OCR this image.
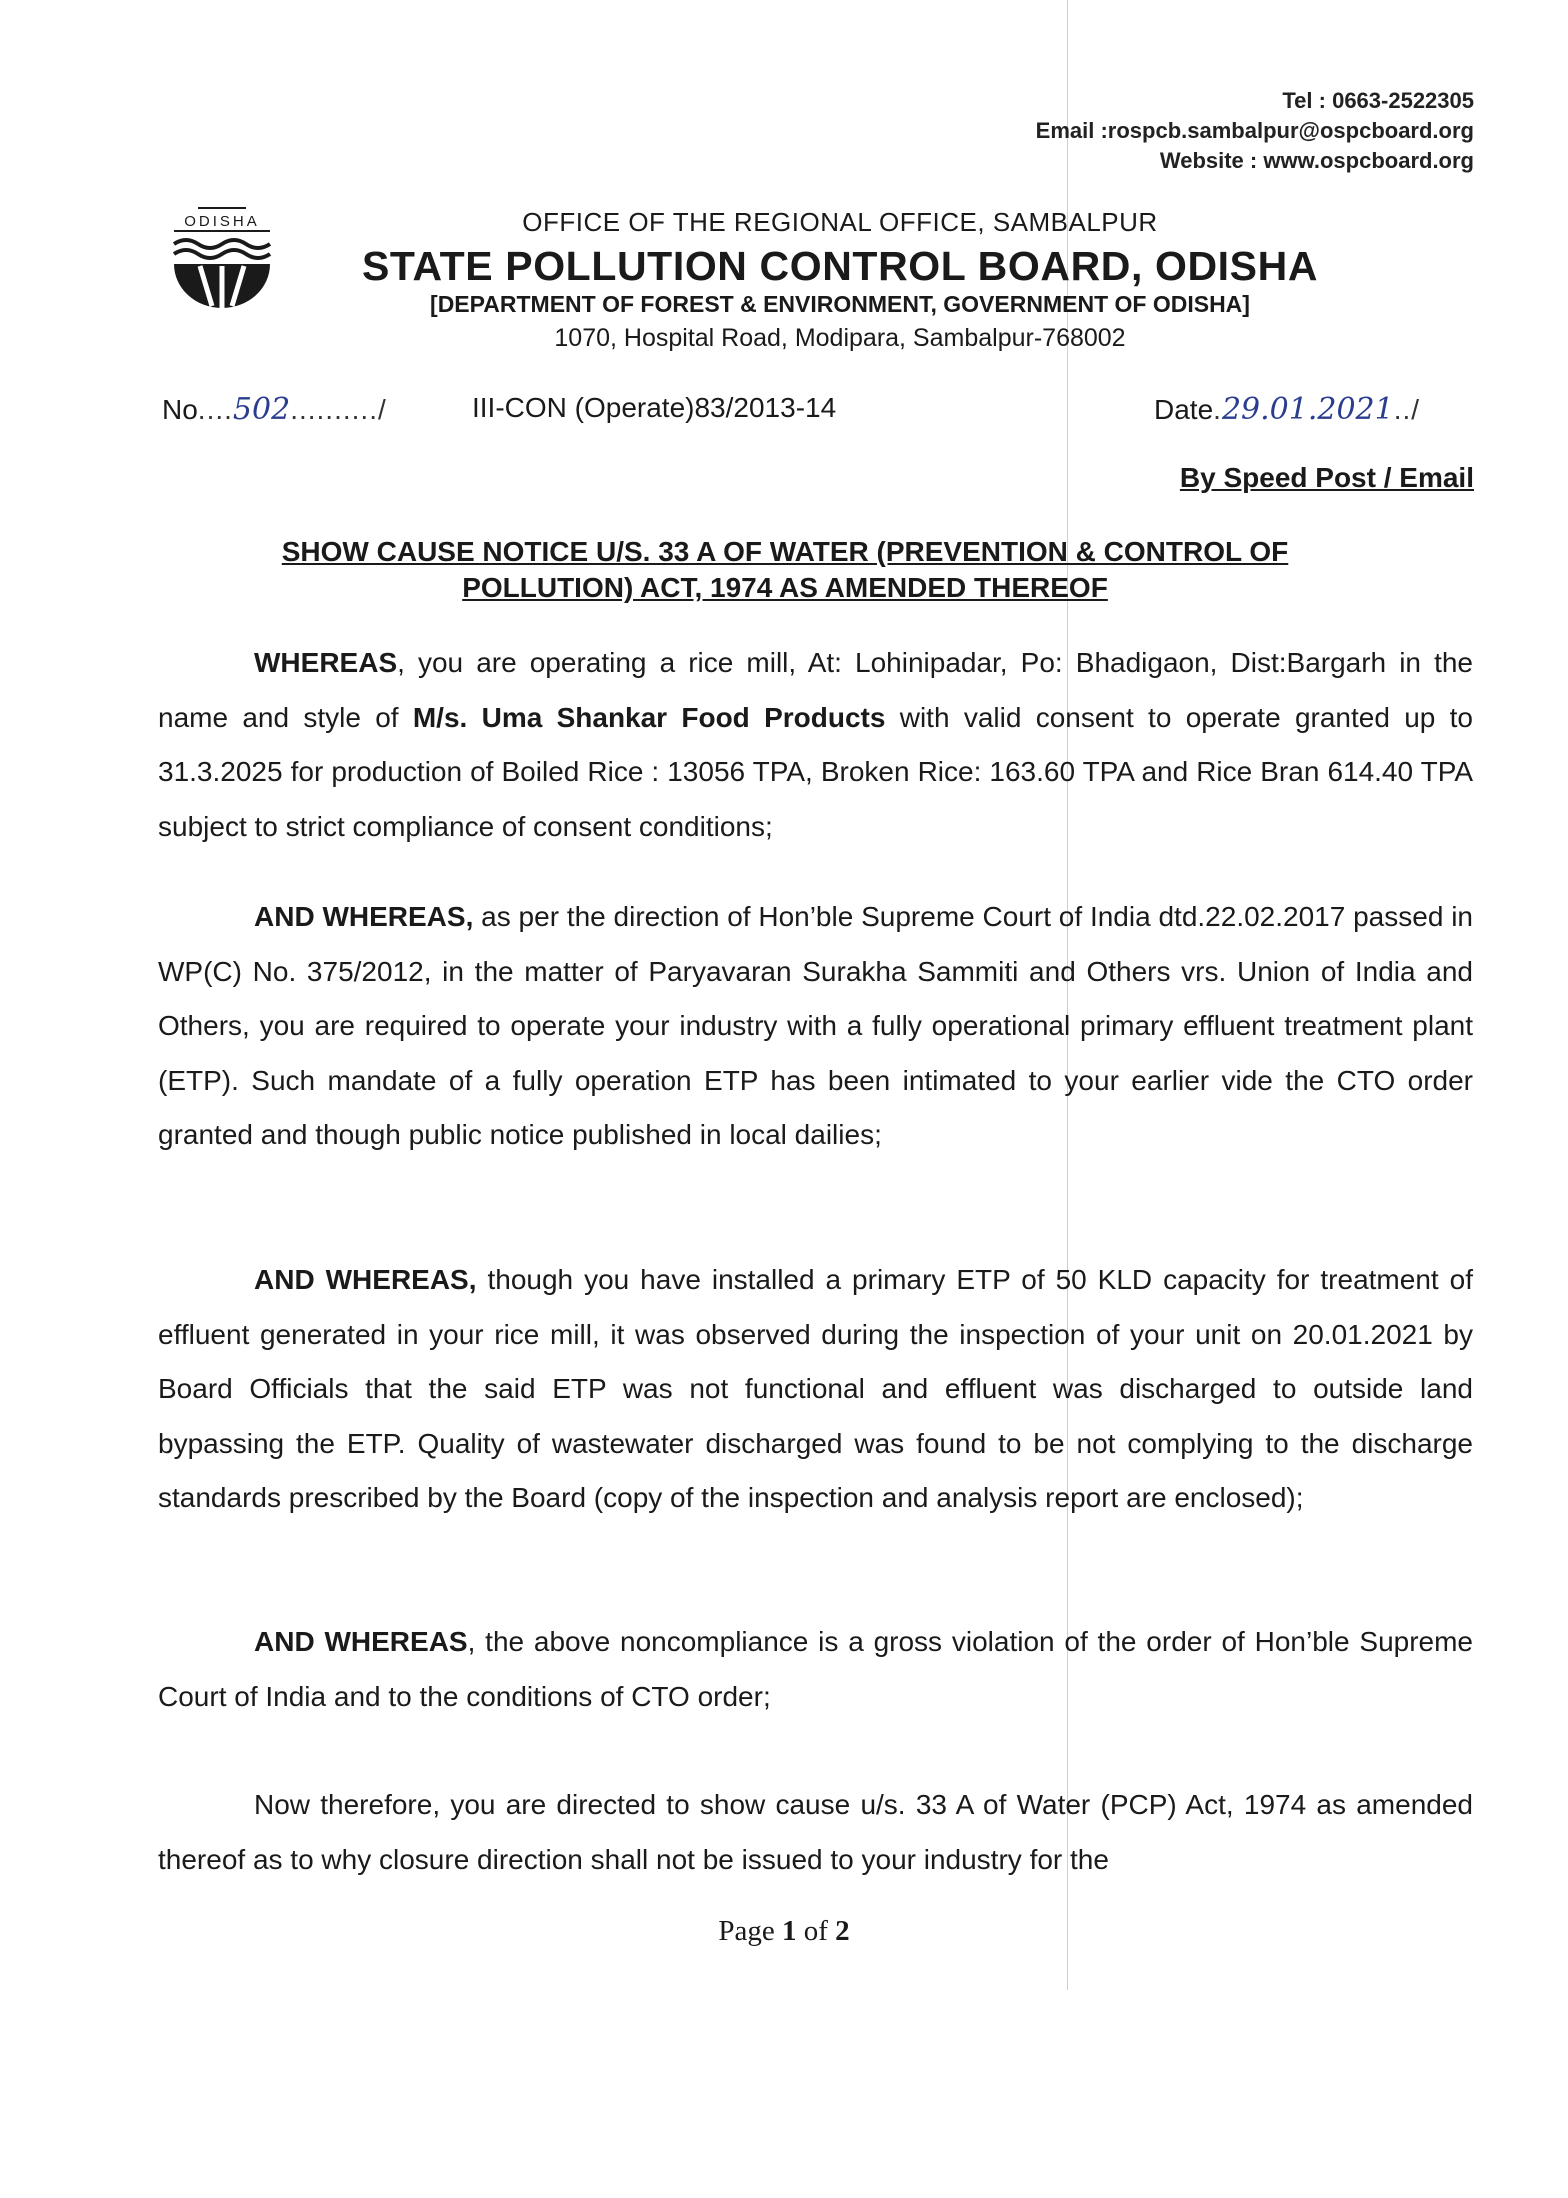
Tel : 0663-2522305
Email :rospcb.sambalpur@ospcboard.org
Website : www.ospcboard.org
ODISHA	OFFICE OF THE REGIONAL OFFICE, SAMBALPUR
STATE POLLUTION CONTROL BOARD, ODISHA
[DEPARTMENT OF FOREST & ENVIRONMENT, GOVERNMENT OF ODISHA]
1070, Hospital Road, Modipara, Sambalpur-768002
No....502........../	III-CON (Operate)83/2013-14	Date.29.01.2021../
By Speed Post / Email
SHOW CAUSE NOTICE U/S. 33 A OF WATER (PREVENTION & CONTROL OF POLLUTION) ACT, 1974 AS AMENDED THEREOF

WHEREAS, you are operating a rice mill, At: Lohinipadar, Po: Bhadigaon, Dist:Bargarh in the name and style of M/s. Uma Shankar Food Products with valid consent to operate granted up to 31.3.2025 for production of Boiled Rice : 13056 TPA, Broken Rice: 163.60 TPA and Rice Bran 614.40 TPA subject to strict compliance of consent conditions;

AND WHEREAS, as per the direction of Hon’ble Supreme Court of India dtd.22.02.2017 passed in WP(C) No. 375/2012, in the matter of Paryavaran Surakha Sammiti and Others vrs. Union of India and Others, you are required to operate your industry with a fully operational primary effluent treatment plant (ETP). Such mandate of a fully operation ETP has been intimated to your earlier vide the CTO order granted and though public notice published in local dailies;

AND WHEREAS, though you have installed a primary ETP of 50 KLD capacity for treatment of effluent generated in your rice mill, it was observed during the inspection of your unit on 20.01.2021 by Board Officials that the said ETP was not functional and effluent was discharged to outside land bypassing the ETP. Quality of wastewater discharged was found to be not complying to the discharge standards prescribed by the Board (copy of the inspection and analysis report are enclosed);

AND WHEREAS, the above noncompliance is a gross violation of the order of Hon’ble Supreme Court of India and to the conditions of CTO order;

Now therefore, you are directed to show cause u/s. 33 A of Water (PCP) Act, 1974 as amended thereof as to why closure direction shall not be issued to your industry for the

Page 1 of 2
